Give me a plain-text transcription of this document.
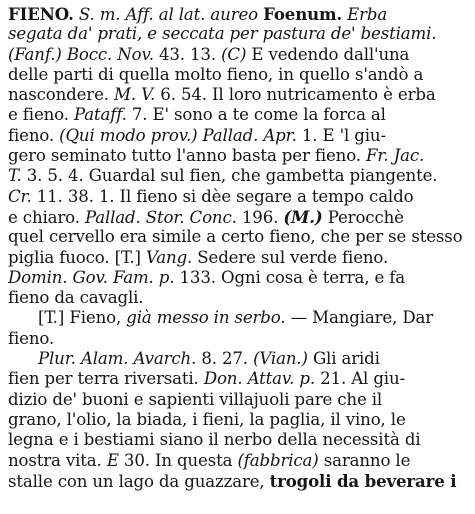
FIENO. S. m. Aff. al lat. aureo Foenum. Erba
segata da' prati, e seccata per pastura de' bestiami.
(Fanf.) Bocc. Nov. 43. 13. (C) E vedendo dall'una
delle parti di quella molto fieno, in quello s'andò a
nascondere. M. V. 6. 54. Il loro nutricamento è erba
e fieno. Pataff. 7. E' sono a te come la forca al
fieno. (Qui modo prov.) Pallad. Apr. 1. E 'l giu-
gero seminato tutto l'anno basta per fieno. Fr. Jac.
T. 3. 5. 4. Guardal sul fien, che gambetta piangente.
Cr. 11. 38. 1. Il fieno si dèe segare a tempo caldo
e chiaro. Pallad. Stor. Conc. 196. (M.) Perocchè
quel cervello era simile a certo fieno, che per se stesso
piglia fuoco. [T.] Vang. Sedere sul verde fieno.
Domin. Gov. Fam. p. 133. Ogni cosa è terra, e fa
fieno da cavagli.
[T.] Fieno, già messo in serbo. — Mangiare, Dar
fieno.
Plur. Alam. Avarch. 8. 27. (Vian.) Gli aridi
fien per terra riversati. Don. Attav. p. 21. Al giu-
dizio de' buoni e sapienti villajuoli pare che il
grano, l'olio, la biada, i fieni, la paglia, il vino, le
legna e i bestiami siano il nerbo della necessità di
nostra vita. E 30. In questa (fabbrica) saranno le
stalle con un lago da guazzare, trogoli da beverare i
